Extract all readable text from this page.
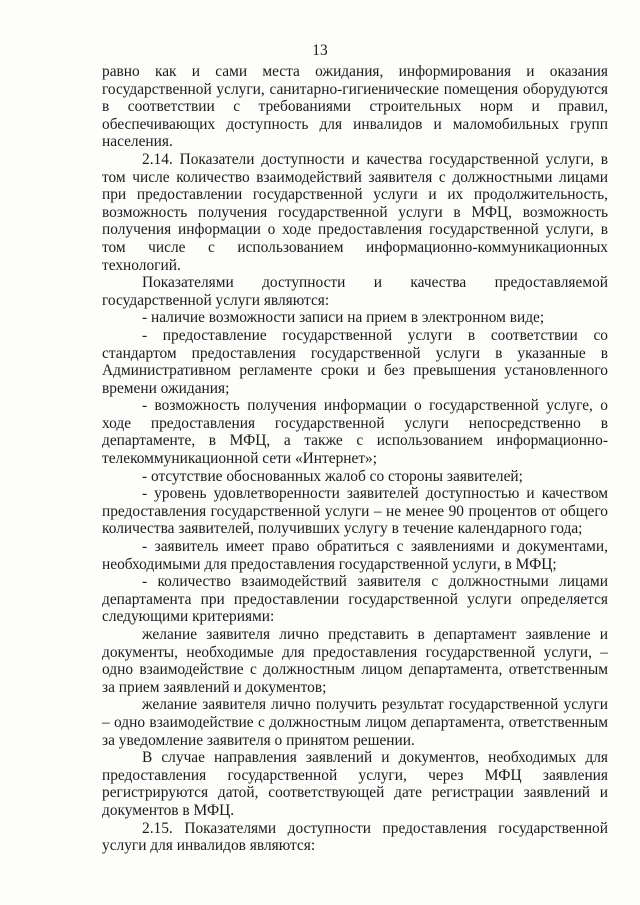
13

равно как и сами места ожидания, информирования и оказания государственной услуги, санитарно-гигиенические помещения оборудуются в соответствии с требованиями строительных норм и правил, обеспечивающих доступность для инвалидов и маломобильных групп населения.

2.14. Показатели доступности и качества государственной услуги, в том числе количество взаимодействий заявителя с должностными лицами при предоставлении государственной услуги и их продолжительность, возможность получения государственной услуги в МФЦ, возможность получения информации о ходе предоставления государственной услуги, в том числе с использованием информационно-коммуникационных технологий.

Показателями доступности и качества предоставляемой государственной услуги являются:

- наличие возможности записи на прием в электронном виде;

- предоставление государственной услуги в соответствии со стандартом предоставления государственной услуги в указанные в Административном регламенте сроки и без превышения установленного времени ожидания;

- возможность получения информации о государственной услуге, о ходе предоставления государственной услуги непосредственно в департаменте, в МФЦ, а также с использованием информационно-телекоммуникационной сети «Интернет»;

- отсутствие обоснованных жалоб со стороны заявителей;

- уровень удовлетворенности заявителей доступностью и качеством предоставления государственной услуги – не менее 90 процентов от общего количества заявителей, получивших услугу в течение календарного года;

- заявитель имеет право обратиться с заявлениями и документами, необходимыми для предоставления государственной услуги, в МФЦ;

- количество взаимодействий заявителя с должностными лицами департамента при предоставлении государственной услуги определяется следующими критериями:

желание заявителя лично представить в департамент заявление и документы, необходимые для предоставления государственной услуги, – одно взаимодействие с должностным лицом департамента, ответственным за прием заявлений и документов;

желание заявителя лично получить результат государственной услуги – одно взаимодействие с должностным лицом департамента, ответственным за уведомление заявителя о принятом решении.

В случае направления заявлений и документов, необходимых для предоставления государственной услуги, через МФЦ заявления регистрируются датой, соответствующей дате регистрации заявлений и документов в МФЦ.

2.15. Показателями доступности предоставления государственной услуги для инвалидов являются:
